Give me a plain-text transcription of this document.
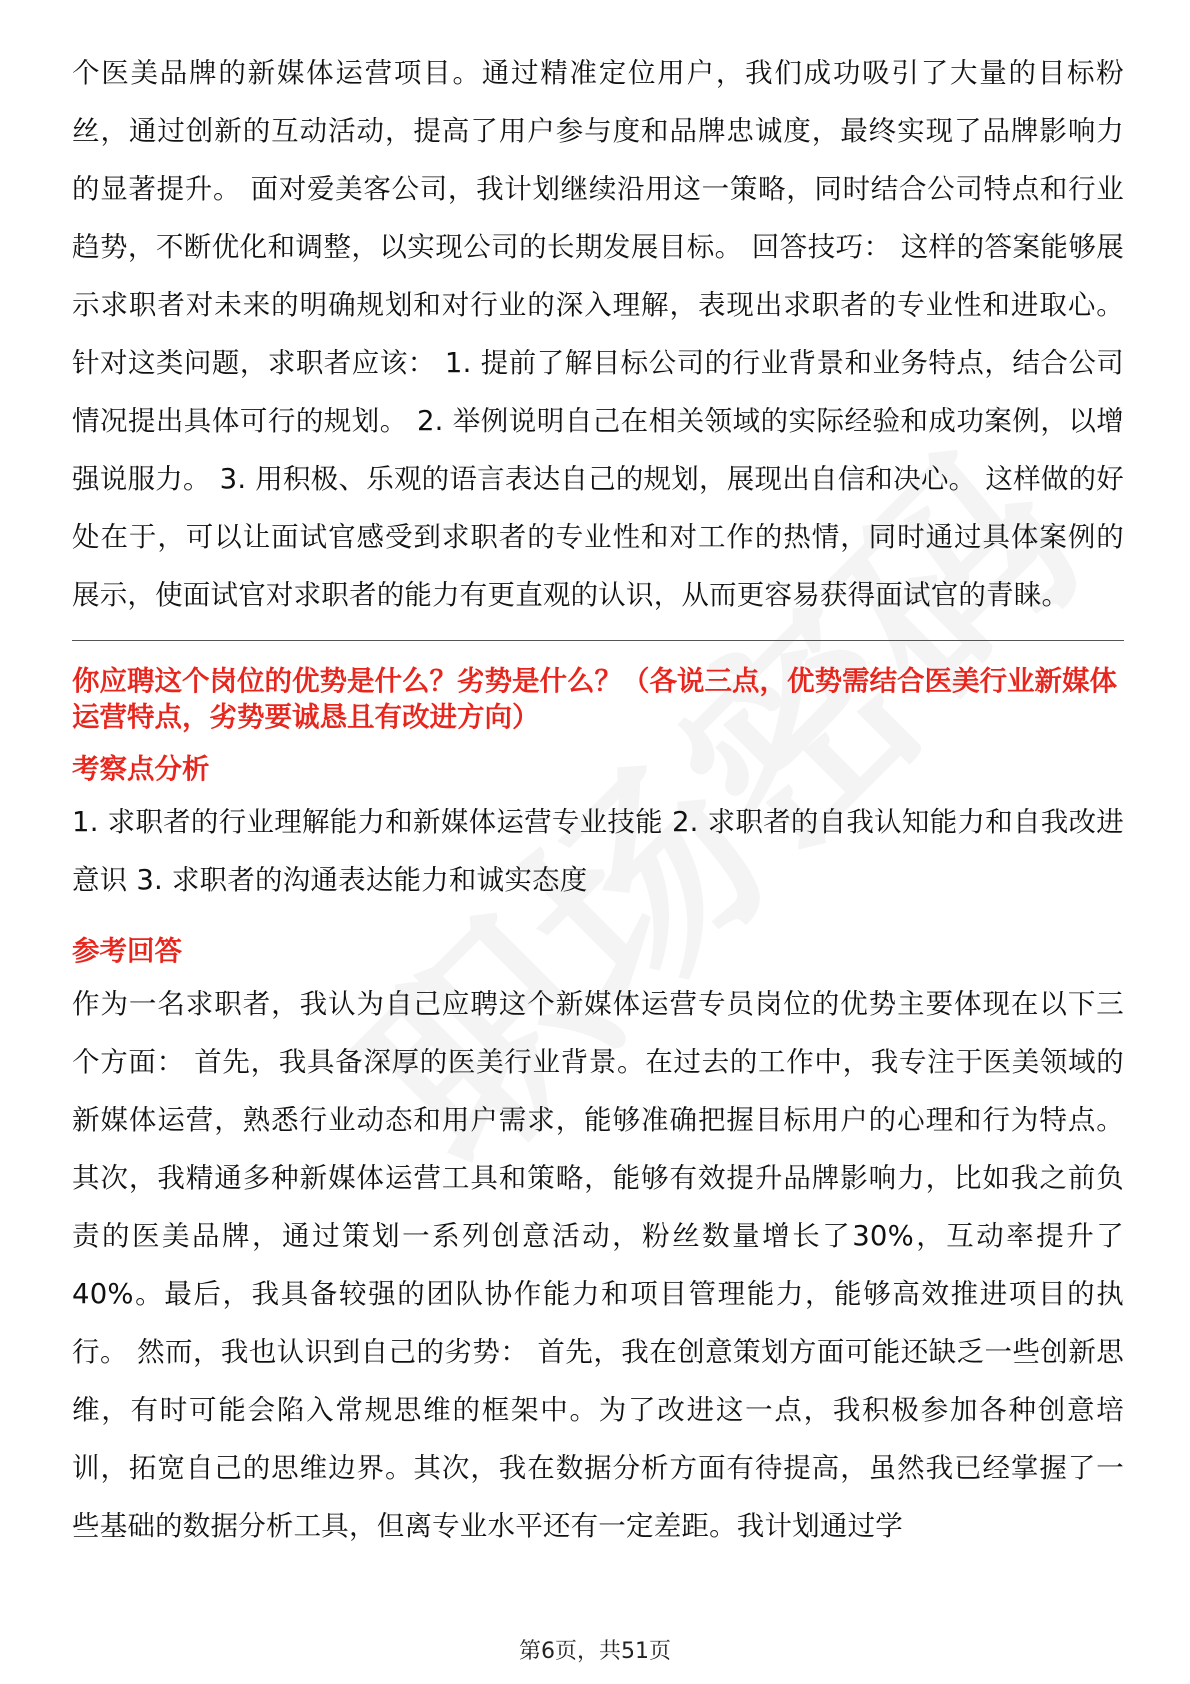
个医美品牌的新媒体运营项目。通过精准定位用户，我们成功吸引了大量的目标粉丝，通过创新的互动活动，提高了用户参与度和品牌忠诚度，最终实现了品牌影响力的显著提升。 面对爱美客公司，我计划继续沿用这一策略，同时结合公司特点和行业趋势，不断优化和调整，以实现公司的长期发展目标。 回答技巧： 这样的答案能够展示求职者对未来的明确规划和对行业的深入理解，表现出求职者的专业性和进取心。针对这类问题，求职者应该： 1. 提前了解目标公司的行业背景和业务特点，结合公司情况提出具体可行的规划。 2. 举例说明自己在相关领域的实际经验和成功案例，以增强说服力。 3. 用积极、乐观的语言表达自己的规划，展现出自信和决心。 这样做的好处在于，可以让面试官感受到求职者的专业性和对工作的热情，同时通过具体案例的展示，使面试官对求职者的能力有更直观的认识，从而更容易获得面试官的青睐。

你应聘这个岗位的优势是什么？劣势是什么？（各说三点，优势需结合医美行业新媒体运营特点，劣势要诚恳且有改进方向）

考察点分析

1. 求职者的行业理解能力和新媒体运营专业技能 2. 求职者的自我认知能力和自我改进意识 3. 求职者的沟通表达能力和诚实态度

参考回答

作为一名求职者，我认为自己应聘这个新媒体运营专员岗位的优势主要体现在以下三个方面： 首先，我具备深厚的医美行业背景。在过去的工作中，我专注于医美领域的新媒体运营，熟悉行业动态和用户需求，能够准确把握目标用户的心理和行为特点。其次，我精通多种新媒体运营工具和策略，能够有效提升品牌影响力，比如我之前负责的医美品牌，通过策划一系列创意活动，粉丝数量增长了30%，互动率提升了40%。最后，我具备较强的团队协作能力和项目管理能力，能够高效推进项目的执行。 然而，我也认识到自己的劣势： 首先，我在创意策划方面可能还缺乏一些创新思维，有时可能会陷入常规思维的框架中。为了改进这一点，我积极参加各种创意培训，拓宽自己的思维边界。其次，我在数据分析方面有待提高，虽然我已经掌握了一些基础的数据分析工具，但离专业水平还有一定差距。我计划通过学

第6页，共51页
